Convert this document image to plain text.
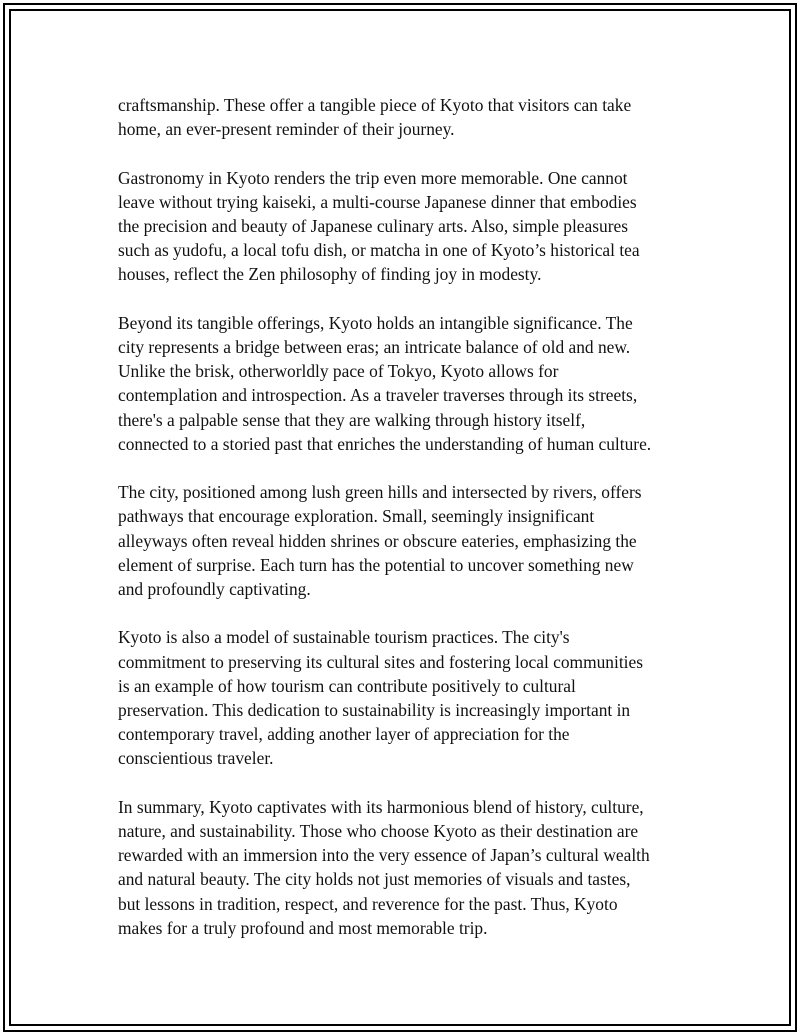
craftsmanship. These offer a tangible piece of Kyoto that visitors can take
home, an ever-present reminder of their journey.

Gastronomy in Kyoto renders the trip even more memorable. One cannot
leave without trying kaiseki, a multi-course Japanese dinner that embodies
the precision and beauty of Japanese culinary arts. Also, simple pleasures
such as yudofu, a local tofu dish, or matcha in one of Kyoto’s historical tea
houses, reflect the Zen philosophy of finding joy in modesty.

Beyond its tangible offerings, Kyoto holds an intangible significance. The
city represents a bridge between eras; an intricate balance of old and new.
Unlike the brisk, otherworldly pace of Tokyo, Kyoto allows for
contemplation and introspection. As a traveler traverses through its streets,
there's a palpable sense that they are walking through history itself,
connected to a storied past that enriches the understanding of human culture.

The city, positioned among lush green hills and intersected by rivers, offers
pathways that encourage exploration. Small, seemingly insignificant
alleyways often reveal hidden shrines or obscure eateries, emphasizing the
element of surprise. Each turn has the potential to uncover something new
and profoundly captivating.

Kyoto is also a model of sustainable tourism practices. The city's
commitment to preserving its cultural sites and fostering local communities
is an example of how tourism can contribute positively to cultural
preservation. This dedication to sustainability is increasingly important in
contemporary travel, adding another layer of appreciation for the
conscientious traveler.

In summary, Kyoto captivates with its harmonious blend of history, culture,
nature, and sustainability. Those who choose Kyoto as their destination are
rewarded with an immersion into the very essence of Japan’s cultural wealth
and natural beauty. The city holds not just memories of visuals and tastes,
but lessons in tradition, respect, and reverence for the past. Thus, Kyoto
makes for a truly profound and most memorable trip.
